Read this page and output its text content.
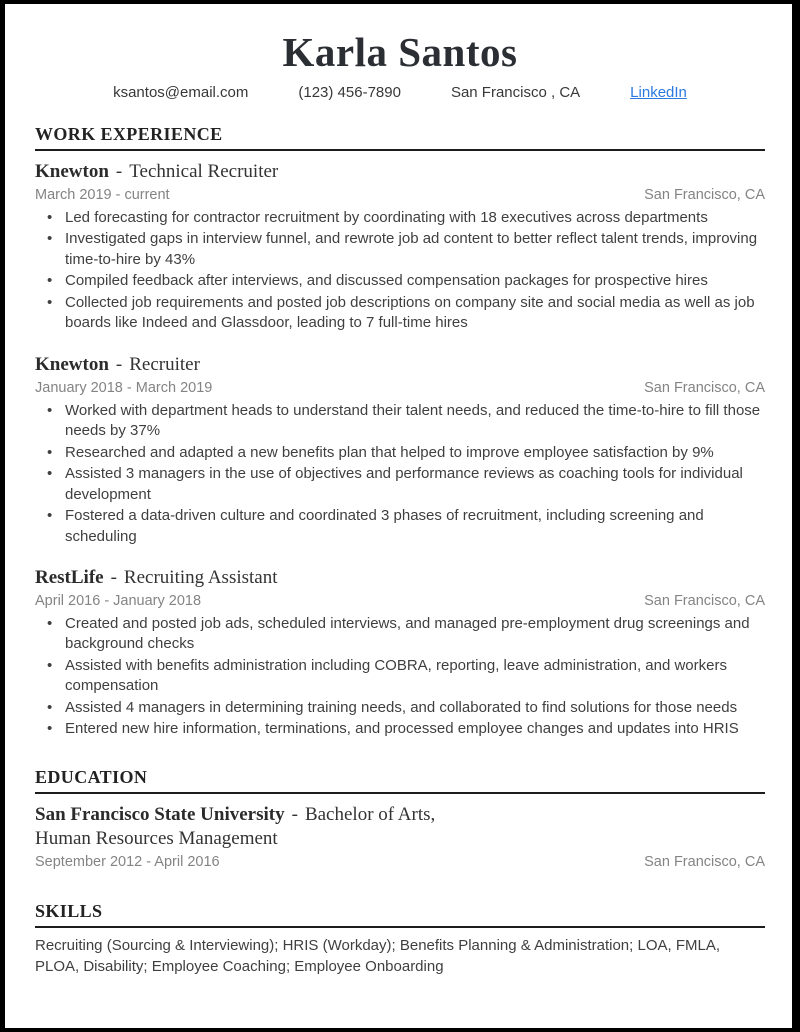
Karla Santos
ksantos@email.com	(123) 456-7890	San Francisco , CA	LinkedIn
WORK EXPERIENCE
Knewton - Technical Recruiter
March 2019 - current	San Francisco, CA
• Led forecasting for contractor recruitment by coordinating with 18 executives across departments
• Investigated gaps in interview funnel, and rewrote job ad content to better reflect talent trends, improving time-to-hire by 43%
• Compiled feedback after interviews, and discussed compensation packages for prospective hires
• Collected job requirements and posted job descriptions on company site and social media as well as job boards like Indeed and Glassdoor, leading to 7 full-time hires
Knewton - Recruiter
January 2018 - March 2019	San Francisco, CA
• Worked with department heads to understand their talent needs, and reduced the time-to-hire to fill those needs by 37%
• Researched and adapted a new benefits plan that helped to improve employee satisfaction by 9%
• Assisted 3 managers in the use of objectives and performance reviews as coaching tools for individual development
• Fostered a data-driven culture and coordinated 3 phases of recruitment, including screening and scheduling
RestLife - Recruiting Assistant
April 2016 - January 2018	San Francisco, CA
• Created and posted job ads, scheduled interviews, and managed pre-employment drug screenings and background checks
• Assisted with benefits administration including COBRA, reporting, leave administration, and workers compensation
• Assisted 4 managers in determining training needs, and collaborated to find solutions for those needs
• Entered new hire information, terminations, and processed employee changes and updates into HRIS
EDUCATION
San Francisco State University - Bachelor of Arts,
Human Resources Management
September 2012 - April 2016	San Francisco, CA
SKILLS
Recruiting (Sourcing & Interviewing); HRIS (Workday); Benefits Planning & Administration; LOA, FMLA, PLOA, Disability; Employee Coaching; Employee Onboarding
